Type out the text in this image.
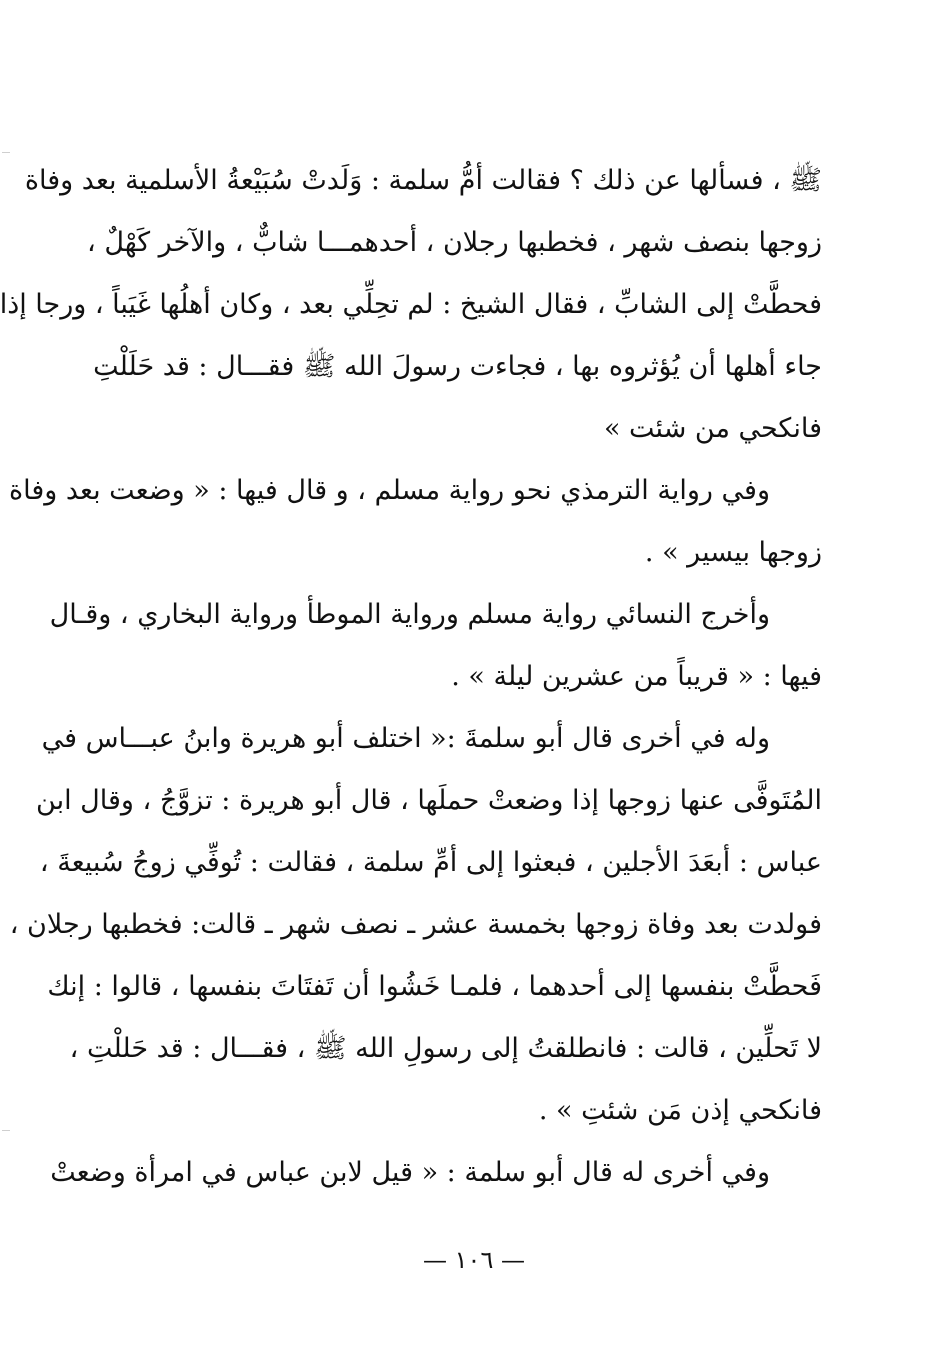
ﷺ ، فسألها عن ذلك ؟ فقالت أمُّ سلمة : وَلَدتْ سُبَيْعةُ الأسلمية بعد وفاة
زوجها بنصف شهر ، فخطبها رجلان ، أحدهمـــا شابٌّ ، والآخر كَهْلٌ ،
فحطَّتْ إلى الشابِّ ، فقال الشيخ : لم تحِلِّي بعد ، وكان أهلُها غَيَباً ، ورجا إذا
جاء أهلها أن يُؤثروه بها ، فجاءت رسولَ الله ﷺ فقـــال : قد حَلَلْتِ
فانكحي من شئت »
وفي رواية الترمذي نحو رواية مسلم ، و قال فيها : « وضعت بعد وفاة
زوجها بيسير » .
وأخرج النسائي رواية مسلم ورواية الموطأ ورواية البخاري ، وقـال
فيها : « قريباً من عشرين ليلة » .
وله في أخرى قال أبو سلمةَ :« اختلف أبو هريرة وابنُ عبـــاس في
المُتَوفَّى عنها زوجها إذا وضعتْ حملَها ، قال أبو هريرة : تزوَّجُ ، وقال ابن
عباس : أبعَدَ الأجلين ، فبعثوا إلى أمِّ سلمة ، فقالت : تُوفِّي زوجُ سُبيعةَ ،
فولدت بعد وفاة زوجها بخمسة عشر ـ نصف شهر ـ قالت: فخطبها رجلان ،
فَحطَّتْ بنفسها إلى أحدهما ، فلمـا خَشُوا أن تَفتَاتَ بنفسها ، قالوا : إنك
لا تَحلِّين ، قالت : فانطلقتُ إلى رسولِ الله ﷺ ، فقـــال : قد حَللْتِ ،
فانكحي إذن مَن شئتِ » .
وفي أخرى له قال أبو سلمة : « قيل لابن عباس في امرأة وضعتْ
— ١٠٦ —
